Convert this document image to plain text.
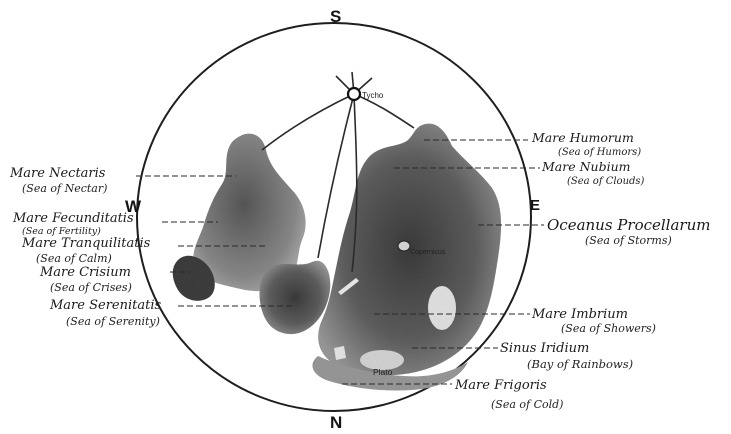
Tycho
Copernicus
Plato
S
N
W	E
Mare Nectaris
(Sea of Nectar)
Mare Fecunditatis
(Sea of Fertility)
Mare Tranquilitatis
(Sea of Calm)
Mare Crisium
(Sea of Crises)
Mare Serenitatis
(Sea of Serenity)
Mare Humorum
(Sea of Humors)
Mare Nubium
(Sea of Clouds)
Oceanus Procellarum
(Sea of Storms)
Mare Imbrium
(Sea of Showers)
Sinus Iridium
(Bay of Rainbows)
Mare Frigoris
(Sea of Cold)
